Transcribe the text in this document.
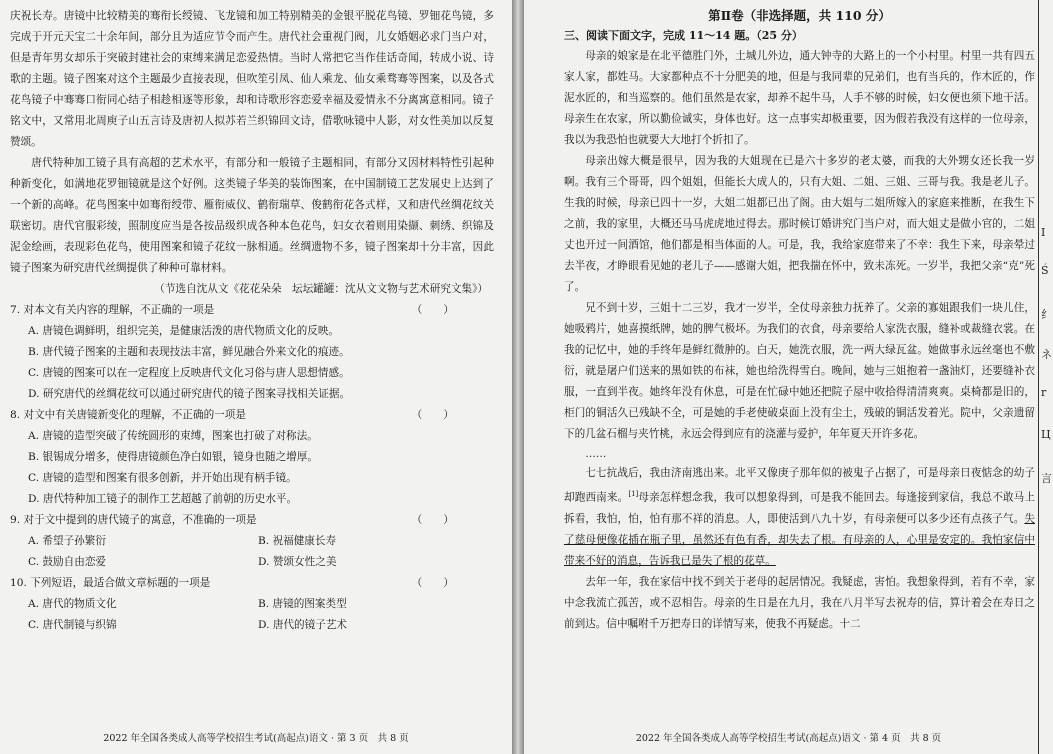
庆祝长寿。唐镜中比较精美的骞衔长绶镜、飞龙镜和加工特别精美的金银平脱花鸟镜、罗钿花鸟镜，多完成于开元天宝二十余年间，部分且为适应节令而产生。唐代社会重视门阀，儿女婚姻必求门当户对，但是青年男女却乐于突破封建社会的束缚来满足恋爱热情。当时人常把它当作佳话奇闻，转成小说、诗歌的主题。镜子图案对这个主题最少直接表现，但吹笙引凤、仙人乘龙、仙女乘骛骞等图案，以及各式花鸟镜子中骞骞口衔同心结子相趁相逐等形象，却和诗歌形容恋爱幸福及爱情永不分离寓意相同。镜子铭文中，又常用北周庾子山五言诗及唐初人拟苏若兰织锦回文诗，借歌咏镜中人影，对女性美加以反复赞颂。

唐代特种加工镜子具有高超的艺术水平，有部分和一般镜子主题相同，有部分又因材料特性引起种种新变化，如满地花罗钿镜就是这个好例。这类镜子华美的装饰图案，在中国制镜工艺发展史上达到了一个新的高峰。花鸟图案中如骞衔绶带、雁衔威仪、鹤衔瑞草、俊鹤衔花各式样，又和唐代丝绸花纹关联密切。唐代官服彩绫，照制度应当是各按品级织成各种本色花鸟，妇女衣着则用染撷、刺绣、织锦及泥金绘画，表现彩色花鸟，使用图案和镜子花纹一脉相通。丝绸遗物不多，镜子图案却十分丰富，因此镜子图案为研究唐代丝绸提供了种种可靠材料。

（节选自沈从文《花花朵朵　坛坛罐罐：沈从文文物与艺术研究文集》）

7. 对本文有关内容的理解，不正确的一项是	（　　）

A. 唐镜色调鲜明，组织完美，是健康活泼的唐代物质文化的反映。

B. 唐代镜子图案的主题和表现技法丰富，鲜见融合外来文化的痕迹。

C. 唐镜的图案可以在一定程度上反映唐代文化习俗与唐人思想情感。

D. 研究唐代的丝绸花纹可以通过研究唐代的镜子图案寻找相关证据。

8. 对文中有关唐镜新变化的理解，不正确的一项是	（　　）

A. 唐镜的造型突破了传统圆形的束缚，图案也打破了对称法。

B. 银锡成分增多，使得唐镜颜色净白如银，镜身也随之增厚。

C. 唐镜的造型和图案有很多创新，并开始出现有柄手镜。

D. 唐代特种加工镜子的制作工艺超越了前朝的历史水平。

9. 对于文中提到的唐代镜子的寓意，不准确的一项是	（　　）
A. 希望子孙繁衍	B. 祝福健康长寿
C. 鼓励自由恋爱	D. 赞颂女性之美
10. 下列短语，最适合做文章标题的一项是	（　　）
A. 唐代的物质文化	B. 唐镜的图案类型
C. 唐代制镜与织锦	D. 唐代的镜子艺术
2022 年全国各类成人高等学校招生考试(高起点)语文 · 第 3 页　共 8 页

第Ⅱ卷（非选择题，共 110 分）

三、阅读下面文字，完成 11～14 题。（25 分）

母亲的娘家是在北平德胜门外，土城儿外边，通大钟寺的大路上的一个小村里。村里一共有四五家人家，都姓马。大家都种点不十分肥美的地，但是与我同辈的兄弟们，也有当兵的，作木匠的，作泥水匠的，和当巡察的。他们虽然是农家，却养不起牛马，人手不够的时候，妇女便也须下地干活。母亲生在农家，所以勤俭诚实，身体也好。这一点事实却极重要，因为假若我没有这样的一位母亲，我以为我恐怕也就要大大地打个折扣了。

母亲出嫁大概是很早，因为我的大姐现在已是六十多岁的老太婆，而我的大外甥女还长我一岁啊。我有三个哥哥，四个姐姐，但能长大成人的，只有大姐、二姐、三姐、三哥与我。我是老儿子。生我的时候，母亲已四十一岁，大姐二姐都已出了阁。由大姐与二姐所嫁入的家庭来推断，在我生下之前，我的家里，大概还马马虎虎地过得去。那时候订婚讲究门当户对，而大姐丈是做小官的，二姐丈也开过一间酒馆，他们都是相当体面的人。可是，我，我给家庭带来了不幸：我生下来，母亲晕过去半夜，才睁眼看见她的老儿子——感谢大姐，把我揣在怀中，致未冻死。一岁半，我把父亲“克”死了。

兄不到十岁，三姐十二三岁，我才一岁半，全仗母亲独力抚养了。父亲的寡姐跟我们一块儿住，她吸鸦片，她喜摸纸牌，她的脾气极坏。为我们的衣食，母亲要给人家洗衣服，缝补或裁缝衣裳。在我的记忆中，她的手终年是鲜红微肿的。白天，她洗衣服，洗一两大绿瓦盆。她做事永远丝毫也不敷衍，就是屠户们送来的黑如铁的布袜，她也给洗得雪白。晚间，她与三姐抱着一盏油灯，还要缝补衣服，一直到半夜。她终年没有休息，可是在忙碌中她还把院子屋中收拾得清清爽爽。桌椅都是旧的，柜门的铜活久已残缺不全，可是她的手老使破桌面上没有尘土，残破的铜活发着光。院中，父亲遗留下的几盆石榴与夹竹桃，永远会得到应有的浇灌与爱护，年年夏天开许多花。

……

七七抗战后，我由济南逃出来。北平又像庚子那年似的被鬼子占据了，可是母亲日夜惦念的幼子却跑西南来。[1]母亲怎样想念我，我可以想象得到，可是我不能回去。每逢接到家信，我总不敢马上拆看，我怕，怕，怕有那不祥的消息。人，即使活到八九十岁，有母亲便可以多少还有点孩子气。失了慈母便像花插在瓶子里，虽然还有色有香，却失去了根。有母亲的人，心里是安定的。我怕家信中带来不好的消息，告诉我已是失了根的花草。

去年一年，我在家信中找不到关于老母的起居情况。我疑虑，害怕。我想象得到，若有不幸，家中念我流亡孤苦，或不忍相告。母亲的生日是在九月，我在八月半写去祝寿的信，算计着会在寿日之前到达。信中嘱咐千万把寿日的详情写来，使我不再疑虑。十二

2022 年全国各类成人高等学校招生考试(高起点)语文 · 第 4 页　共 8 页
I
Ś
纟
ネ
r
Ц
言
